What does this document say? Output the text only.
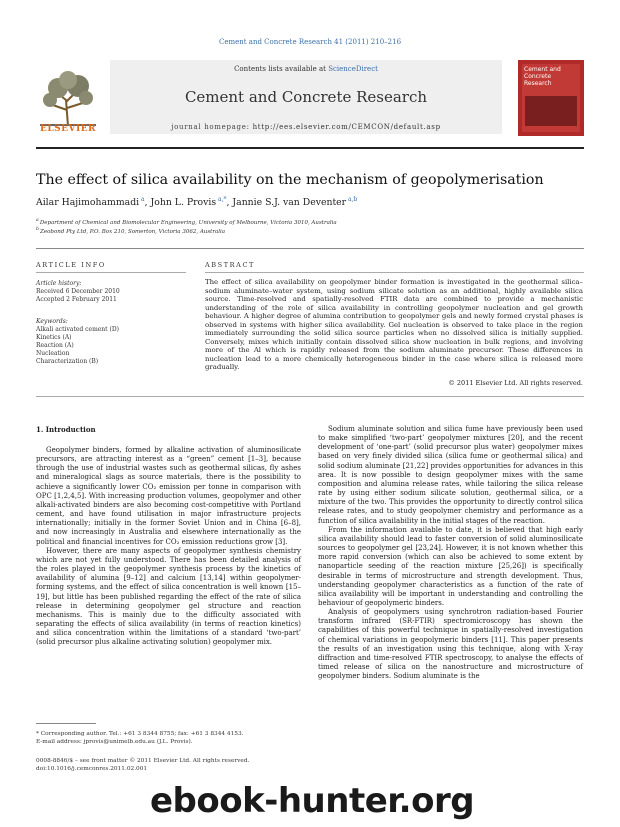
Cement and Concrete Research 41 (2011) 210–216
ELSEVIER
Contents lists available at ScienceDirect
Cement and Concrete Research
journal homepage: http://ees.elsevier.com/CEMCON/default.asp
Cement and Concrete Research
The effect of silica availability on the mechanism of geopolymerisation
Ailar Hajimohammadi  $^a$, John L. Provis  $^{a,*}$, Jannie S.J. van Deventer  $^{a,b}$
$^a$ Department of Chemical and Biomolecular Engineering, University of Melbourne, Victoria 3010, Australia
$^b$ Zeobond Pty Ltd, P.O. Box 210, Somerton, Victoria 3062, Australia
ARTICLE INFO
Article history:
Received 6 December 2010
Accepted 2 February 2011
Keywords:
Alkali activated cement (D)
Kinetics (A)
Reaction (A)
Nucleation
Characterization (B)
ABSTRACT
The effect of silica availability on geopolymer binder formation is investigated in the geothermal silica–sodium aluminate–water system, using sodium silicate solution as an additional, highly available silica source. Time-resolved and spatially-resolved FTIR data are combined to provide a mechanistic understanding of the role of silica availability in controlling geopolymer nucleation and gel growth behaviour. A higher degree of alumina contribution to geopolymer gels and newly formed crystal phases is observed in systems with higher silica availability. Gel nucleation is observed to take place in the region immediately surrounding the solid silica source particles when no dissolved silica is initially supplied. Conversely, mixes which initially contain dissolved silica show nucleation in bulk regions, and involving more of the Al which is rapidly released from the sodium aluminate precursor. These differences in nucleation lead to a more chemically heterogeneous binder in the case where silica is released more gradually.
© 2011 Elsevier Ltd. All rights reserved.
1. Introduction

Geopolymer binders, formed by alkaline activation of aluminosilicate precursors, are attracting interest as a “green” cement [1–3], because through the use of industrial wastes such as geothermal silicas, fly ashes and mineralogical slags as source materials, there is the possibility to achieve a significantly lower CO₂ emission per tonne in comparison with OPC [1,2,4,5]. With increasing production volumes, geopolymer and other alkali-activated binders are also becoming cost-competitive with Portland cement, and have found utilisation in major infrastructure projects internationally; initially in the former Soviet Union and in China [6–8], and now increasingly in Australia and elsewhere internationally as the political and financial incentives for CO₂ emission reductions grow [3].

However, there are many aspects of geopolymer synthesis chemistry which are not yet fully understood. There has been detailed analysis of the roles played in the geopolymer synthesis process by the kinetics of availability of alumina [9–12] and calcium [13,14] within geopolymer-forming systems, and the effect of silica concentration is well known [15–19], but little has been published regarding the effect of the rate of silica release in determining geopolymer gel structure and reaction mechanisms. This is mainly due to the difficulty associated with separating the effects of silica availability (in terms of reaction kinetics) and silica concentration within the limitations of a standard ‘two-part’ (solid precursor plus alkaline activating solution) geopolymer mix.

Sodium aluminate solution and silica fume have previously been used to make simplified ‘two-part’ geopolymer mixtures [20], and the recent development of ‘one-part’ (solid precursor plus water) geopolymer mixes based on very finely divided silica (silica fume or geothermal silica) and solid sodium aluminate [21,22] provides opportunities for advances in this area. It is now possible to design geopolymer mixes with the same composition and alumina release rates, while tailoring the silica release rate by using either sodium silicate solution, geothermal silica, or a mixture of the two. This provides the opportunity to directly control silica release rates, and to study geopolymer chemistry and performance as a function of silica availability in the initial stages of the reaction.

From the information available to date, it is believed that high early silica availability should lead to faster conversion of solid aluminosilicate sources to geopolymer gel [23,24]. However, it is not known whether this more rapid conversion (which can also be achieved to some extent by nanoparticle seeding of the reaction mixture [25,26]) is specifically desirable in terms of microstructure and strength development. Thus, understanding geopolymer characteristics as a function of the rate of silica availability will be important in understanding and controlling the behaviour of geopolymeric binders.

Analysis of geopolymers using synchrotron radiation-based Fourier transform infrared (SR-FTIR) spectromicroscopy has shown the capabilities of this powerful technique in spatially-resolved investigation of chemical variations in geopolymeric binders [11]. This paper presents the results of an investigation using this technique, along with X-ray diffraction and time-resolved FTIR spectroscopy, to analyse the effects of timed release of silica on the nanostructure and microstructure of geopolymer binders. Sodium aluminate is the

* Corresponding author. Tel.: +61 3 8344 8755; fax: +61 3 8344 4153.
E-mail address: jprovis@unimelb.edu.au (J.L. Provis).
0008-8846/$ – see front matter © 2011 Elsevier Ltd. All rights reserved.
doi:10.1016/j.cemconres.2011.02.001
ebook-hunter.org
